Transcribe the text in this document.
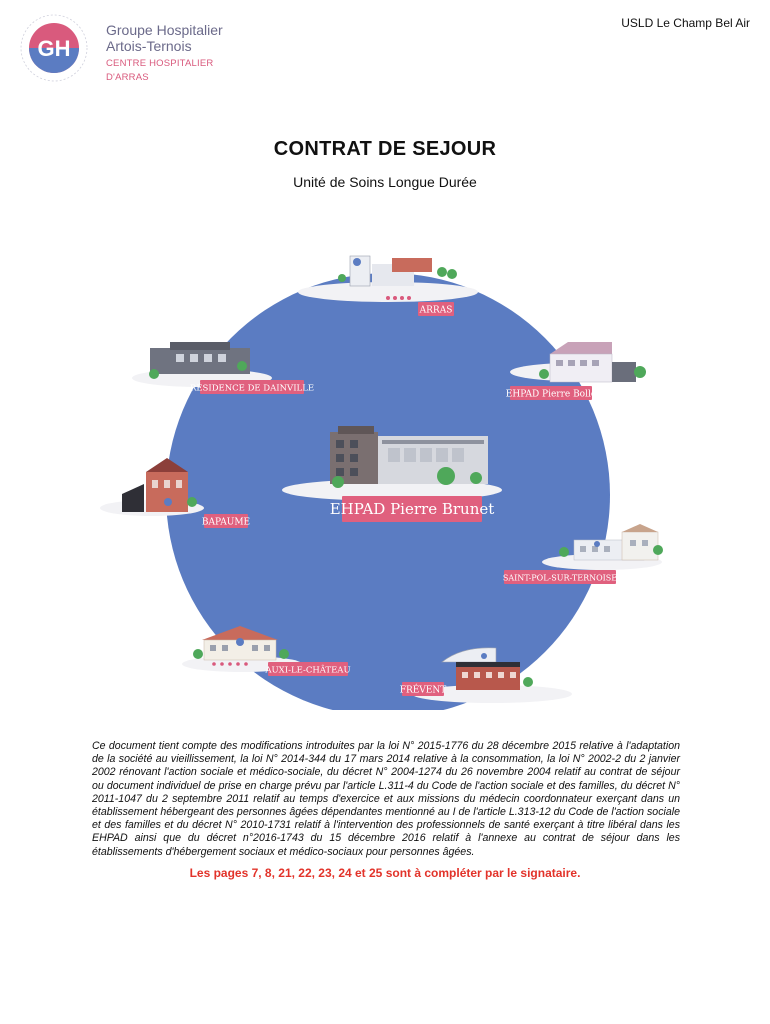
USLD Le Champ Bel Air
GH
Groupe Hospitalier
Artois-Ternois
CENTRE HOSPITALIER D'ARRAS
CONTRAT DE SEJOUR
Unité de Soins Longue Durée
ARRAS
RÉSIDENCE DE DAINVILLE
EHPAD Pierre Bolle
EHPAD Pierre Brunet
BAPAUME
SAINT-POL-SUR-TERNOISE
AUXI-LE-CHÂTEAU
FRÉVENT
Ce document tient compte des modifications introduites par la loi N° 2015-1776 du 28 décembre 2015 relative à l'adaptation de la société au vieillissement, la loi N° 2014-344 du 17 mars 2014 relative à la consommation, la loi N° 2002-2 du 2 janvier 2002 rénovant l'action sociale et médico-sociale, du décret N° 2004-1274 du 26 novembre 2004 relatif au contrat de séjour ou document individuel de prise en charge prévu par l'article L.311-4 du Code de l'action sociale et des familles, du décret N° 2011-1047 du 2 septembre 2011 relatif au temps d'exercice et aux missions du médecin coordonnateur exerçant dans un établissement hébergeant des personnes âgées dépendantes mentionné au I de l'article L.313-12 du Code de l'action sociale et des familles et du décret N° 2010-1731 relatif à l'intervention des professionnels de santé exerçant à titre libéral dans les EHPAD ainsi que du décret n°2016-1743 du 15 décembre 2016 relatif à l'annexe au contrat de séjour dans les établissements d'hébergement sociaux et médico-sociaux pour personnes âgées.
Les pages 7, 8, 21, 22, 23, 24 et 25 sont à compléter par le signataire.
